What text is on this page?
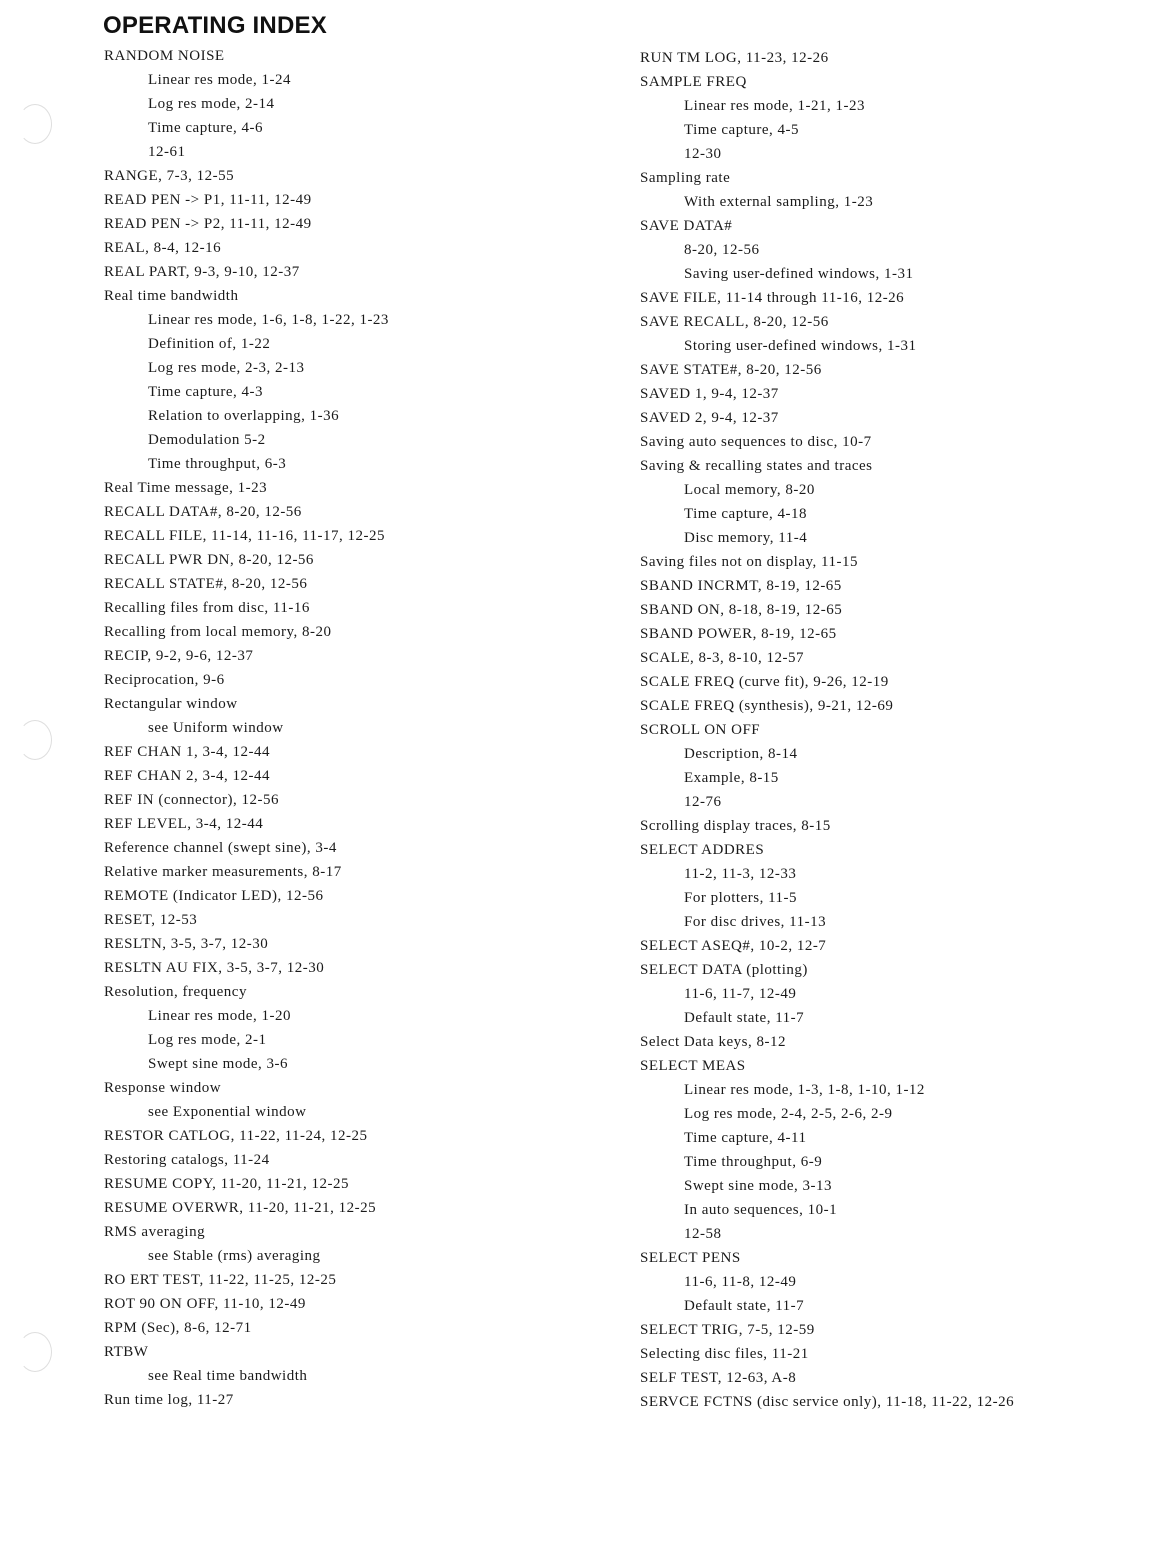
OPERATING INDEX
RANDOM NOISE
Linear res mode, 1-24
Log res mode, 2-14
Time capture, 4-6
12-61
RANGE, 7-3, 12-55
READ PEN -> P1, 11-11, 12-49
READ PEN -> P2, 11-11, 12-49
REAL, 8-4, 12-16
REAL PART, 9-3, 9-10, 12-37
Real time bandwidth
Linear res mode, 1-6, 1-8, 1-22, 1-23
Definition of, 1-22
Log res mode, 2-3, 2-13
Time capture, 4-3
Relation to overlapping, 1-36
Demodulation 5-2
Time throughput, 6-3
Real Time message, 1-23
RECALL DATA#, 8-20, 12-56
RECALL FILE, 11-14, 11-16, 11-17, 12-25
RECALL PWR DN, 8-20, 12-56
RECALL STATE#, 8-20, 12-56
Recalling files from disc, 11-16
Recalling from local memory, 8-20
RECIP, 9-2, 9-6, 12-37
Reciprocation, 9-6
Rectangular window
see Uniform window
REF CHAN 1, 3-4, 12-44
REF CHAN 2, 3-4, 12-44
REF IN (connector), 12-56
REF LEVEL, 3-4, 12-44
Reference channel (swept sine), 3-4
Relative marker measurements, 8-17
REMOTE (Indicator LED), 12-56
RESET, 12-53
RESLTN, 3-5, 3-7, 12-30
RESLTN AU FIX, 3-5, 3-7, 12-30
Resolution, frequency
Linear res mode, 1-20
Log res mode, 2-1
Swept sine mode, 3-6
Response window
see Exponential window
RESTOR CATLOG, 11-22, 11-24, 12-25
Restoring catalogs, 11-24
RESUME COPY, 11-20, 11-21, 12-25
RESUME OVERWR, 11-20, 11-21, 12-25
RMS averaging
see Stable (rms) averaging
RO ERT TEST, 11-22, 11-25, 12-25
ROT 90 ON OFF, 11-10, 12-49
RPM (Sec), 8-6, 12-71
RTBW
see Real time bandwidth
Run time log, 11-27
RUN TM LOG, 11-23, 12-26
SAMPLE FREQ
Linear res mode, 1-21, 1-23
Time capture, 4-5
12-30
Sampling rate
With external sampling, 1-23
SAVE DATA#
8-20, 12-56
Saving user-defined windows, 1-31
SAVE FILE, 11-14 through 11-16, 12-26
SAVE RECALL, 8-20, 12-56
Storing user-defined windows, 1-31
SAVE STATE#, 8-20, 12-56
SAVED 1, 9-4, 12-37
SAVED 2, 9-4, 12-37
Saving auto sequences to disc, 10-7
Saving & recalling states and traces
Local memory, 8-20
Time capture, 4-18
Disc memory, 11-4
Saving files not on display, 11-15
SBAND INCRMT, 8-19, 12-65
SBAND ON, 8-18, 8-19, 12-65
SBAND POWER, 8-19, 12-65
SCALE, 8-3, 8-10, 12-57
SCALE FREQ (curve fit), 9-26, 12-19
SCALE FREQ (synthesis), 9-21, 12-69
SCROLL ON OFF
Description, 8-14
Example, 8-15
12-76
Scrolling display traces, 8-15
SELECT ADDRES
11-2, 11-3, 12-33
For plotters, 11-5
For disc drives, 11-13
SELECT ASEQ#, 10-2, 12-7
SELECT DATA (plotting)
11-6, 11-7, 12-49
Default state, 11-7
Select Data keys, 8-12
SELECT MEAS
Linear res mode, 1-3, 1-8, 1-10, 1-12
Log res mode, 2-4, 2-5, 2-6, 2-9
Time capture, 4-11
Time throughput, 6-9
Swept sine mode, 3-13
In auto sequences, 10-1
12-58
SELECT PENS
11-6, 11-8, 12-49
Default state, 11-7
SELECT TRIG, 7-5, 12-59
Selecting disc files, 11-21
SELF TEST, 12-63, A-8
SERVCE FCTNS (disc service only), 11-18, 11-22, 12-26
